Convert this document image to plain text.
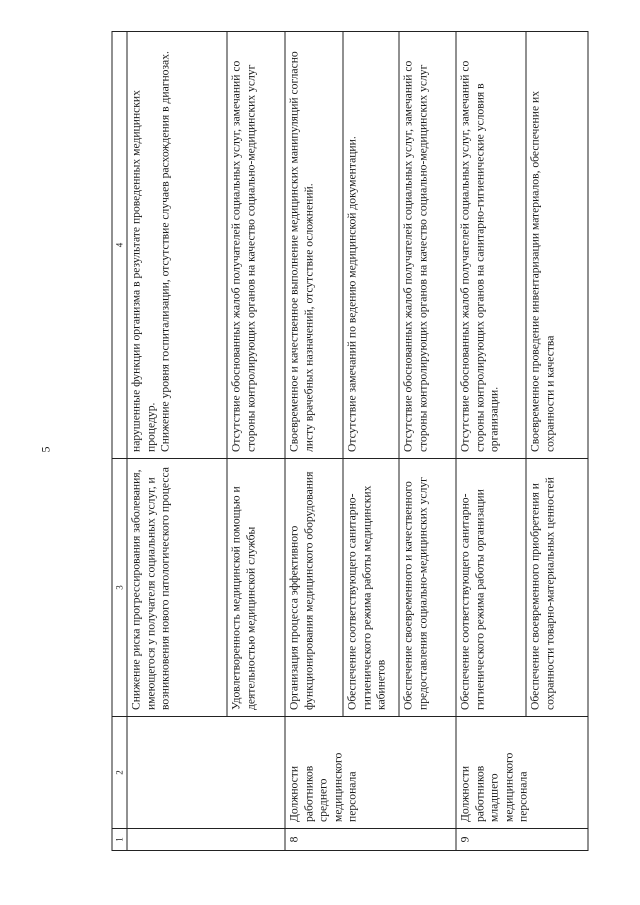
5
1	2	3	4
		Снижение риска прогрессирования заболевания, имеющегося у получателя социальных услуг, и возникновения нового патологического процесса	нарушенные функции организма в результате проведенных медицинских процедур. Снижение уровня госпитализации, отсутствие случаев расхождения в диагнозах.

		Удовлетворенность медицинской помощью и деятельностью медицинской службы	Отсутствие обоснованных жалоб получателей социальных услуг, замечаний со стороны контролирующих органов на качество социально-медицинских услуг
8	Должности работников среднего медицинского персонала	Организация процесса эффективного функционирования медицинского оборудования	Своевременное и качественное выполнение медицинских манипуляций согласно листу врачебных назначений, отсутствие осложнений.
		Обеспечение соответствующего санитарно-гигиенического режима работы медицинских кабинетов	Отсутствие замечаний по ведению медицинской документации.
		Обеспечение своевременного и качественного предоставления социально-медицинских услуг	Отсутствие обоснованных жалоб получателей социальных услуг, замечаний со стороны контролирующих органов на качество социально-медицинских услуг
9	Должности работников младшего медицинского персонала	Обеспечение соответствующего санитарно-гигиенического режима работы организации	Отсутствие обоснованных жалоб получателей социальных услуг, замечаний со стороны контролирующих органов на санитарно-гигиенические условия в организации.
		Обеспечение своевременного приобретения и сохранности товарно-материальных ценностей	Своевременное проведение инвентаризации материалов, обеспечение их сохранности и качества
